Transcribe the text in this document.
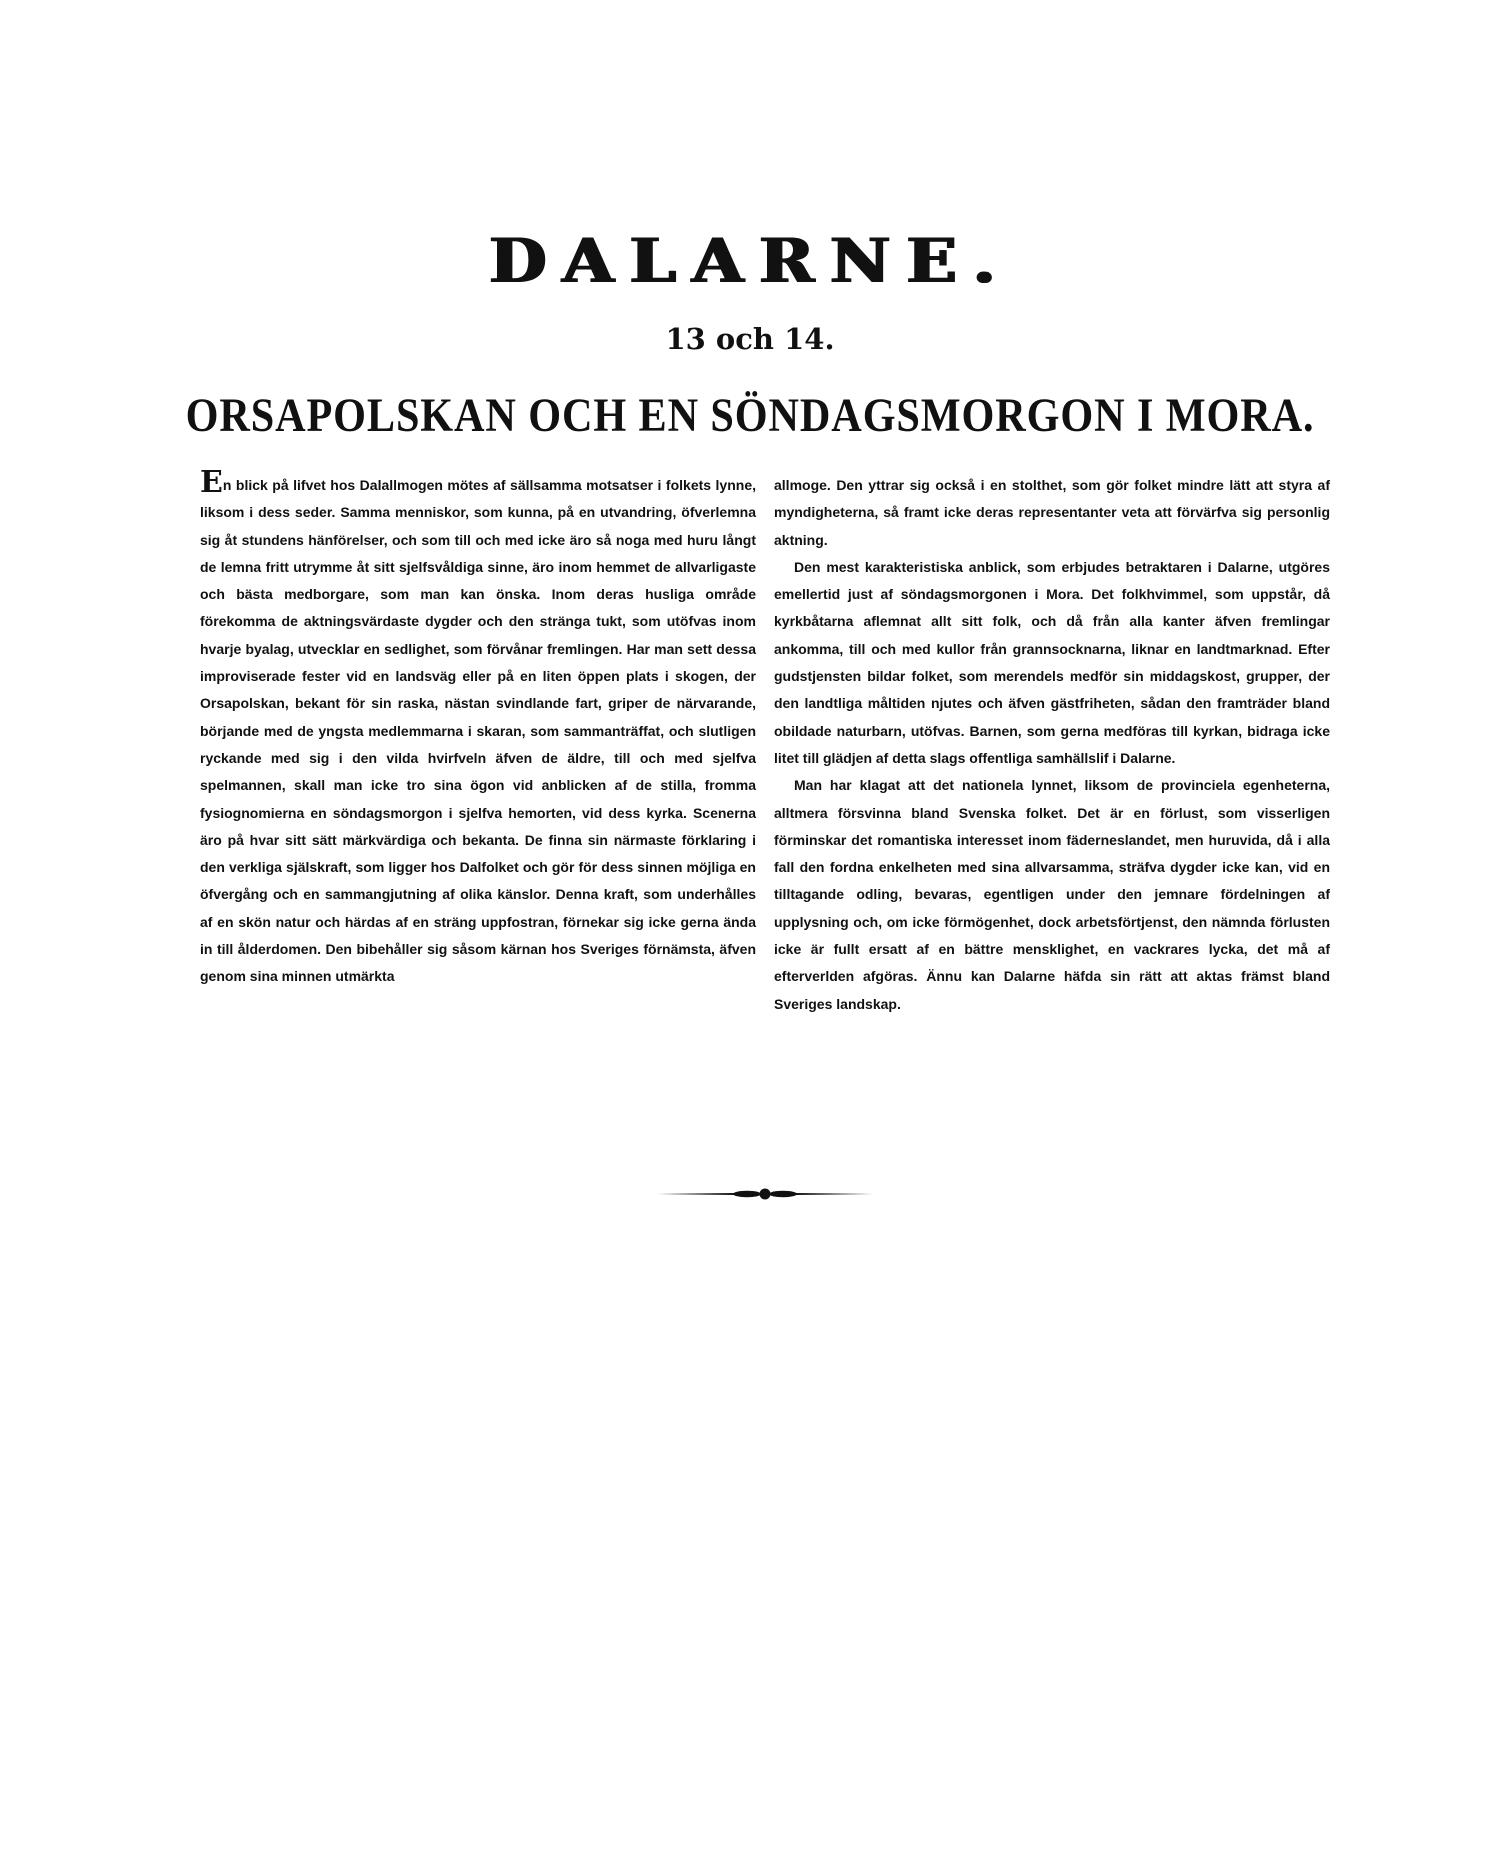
DALARNE.
13 och 14.
ORSAPOLSKAN OCH EN SÖNDAGSMORGON I MORA.

En blick på lifvet hos Dalallmogen mötes af sällsamma motsatser i folkets lynne, liksom i dess seder. Samma menniskor, som kunna, på en utvandring, öfverlemna sig åt stundens hänförelser, och som till och med icke äro så noga med huru långt de lemna fritt utrymme åt sitt sjelfsvåldiga sinne, äro inom hemmet de allvarligaste och bästa medborgare, som man kan önska. Inom deras husliga område förekomma de aktningsvärdaste dygder och den stränga tukt, som utöfvas inom hvarje byalag, utvecklar en sedlighet, som förvånar fremlingen. Har man sett dessa improviserade fester vid en landsväg eller på en liten öppen plats i skogen, der Orsapolskan, bekant för sin raska, nästan svindlande fart, griper de närvarande, börjande med de yngsta medlemmarna i skaran, som sammanträffat, och slutligen ryckande med sig i den vilda hvirfveln äfven de äldre, till och med sjelfva spelmannen, skall man icke tro sina ögon vid anblicken af de stilla, fromma fysiognomierna en söndagsmorgon i sjelfva hemorten, vid dess kyrka. Scenerna äro på hvar sitt sätt märkvärdiga och bekanta. De finna sin närmaste förklaring i den verkliga själskraft, som ligger hos Dalfolket och gör för dess sinnen möjliga en öfvergång och en sammangjutning af olika känslor. Denna kraft, som underhålles af en skön natur och härdas af en sträng uppfostran, förnekar sig icke gerna ända in till ålderdomen. Den bibehåller sig såsom kärnan hos Sveriges förnämsta, äfven genom sina minnen utmärkta

allmoge. Den yttrar sig också i en stolthet, som gör folket mindre lätt att styra af myndigheterna, så framt icke deras representanter veta att förvärfva sig personlig aktning.

Den mest karakteristiska anblick, som erbjudes betraktaren i Dalarne, utgöres emellertid just af söndagsmorgonen i Mora. Det folkhvimmel, som uppstår, då kyrkbåtarna aflemnat allt sitt folk, och då från alla kanter äfven fremlingar ankomma, till och med kullor från grannsocknarna, liknar en landtmarknad. Efter gudstjensten bildar folket, som merendels medför sin middagskost, grupper, der den landtliga måltiden njutes och äfven gästfriheten, sådan den framträder bland obildade naturbarn, utöfvas. Barnen, som gerna medföras till kyrkan, bidraga icke litet till glädjen af detta slags offentliga samhällslif i Dalarne.

Man har klagat att det nationela lynnet, liksom de provinciela egenheterna, alltmera försvinna bland Svenska folket. Det är en förlust, som visserligen förminskar det romantiska interesset inom fäderneslandet, men huruvida, då i alla fall den fordna enkelheten med sina allvarsamma, sträfva dygder icke kan, vid en tilltagande odling, bevaras, egentligen under den jemnare fördelningen af upplysning och, om icke förmögenhet, dock arbetsförtjenst, den nämnda förlusten icke är fullt ersatt af en bättre mensklighet, en vackrares lycka, det må af efterverlden afgöras. Ännu kan Dalarne häfda sin rätt att aktas främst bland Sveriges landskap.
